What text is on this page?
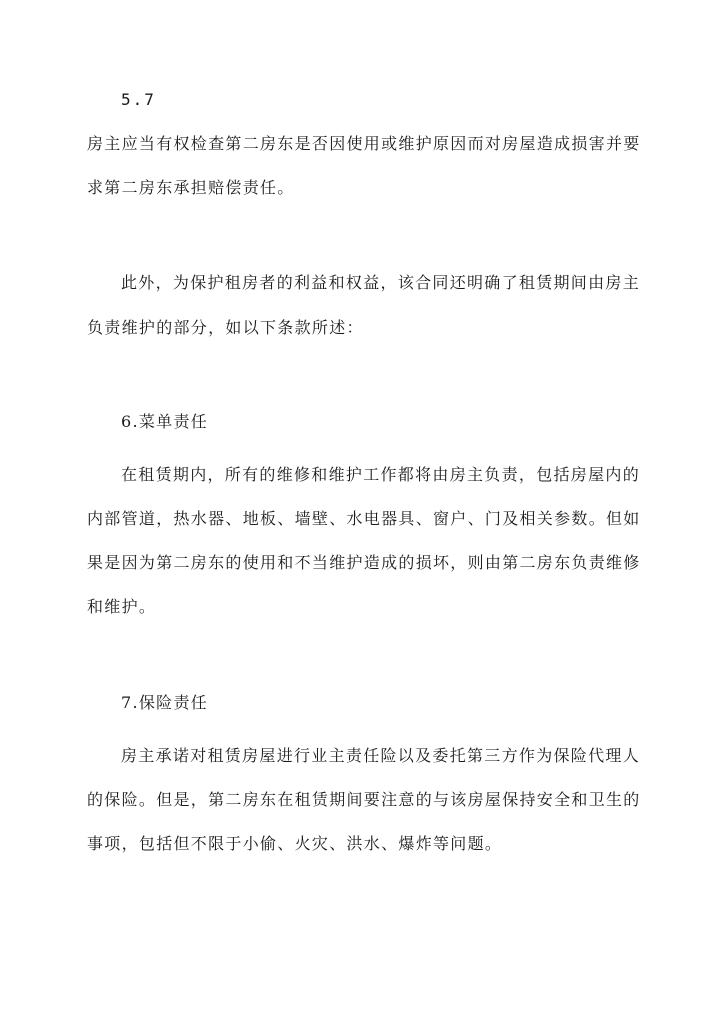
5.7
房主应当有权检查第二房东是否因使用或维护原因而对房屋造成损害并要
求第二房东承担赔偿责任。
此外，为保护租房者的利益和权益，该合同还明确了租赁期间由房主
负责维护的部分，如以下条款所述：
6.菜单责任
在租赁期内，所有的维修和维护工作都将由房主负责，包括房屋内的
内部管道，热水器、地板、墙壁、水电器具、窗户、门及相关参数。但如
果是因为第二房东的使用和不当维护造成的损坏，则由第二房东负责维修
和维护。
7.保险责任
房主承诺对租赁房屋进行业主责任险以及委托第三方作为保险代理人
的保险。但是，第二房东在租赁期间要注意的与该房屋保持安全和卫生的
事项，包括但不限于小偷、火灾、洪水、爆炸等问题。
